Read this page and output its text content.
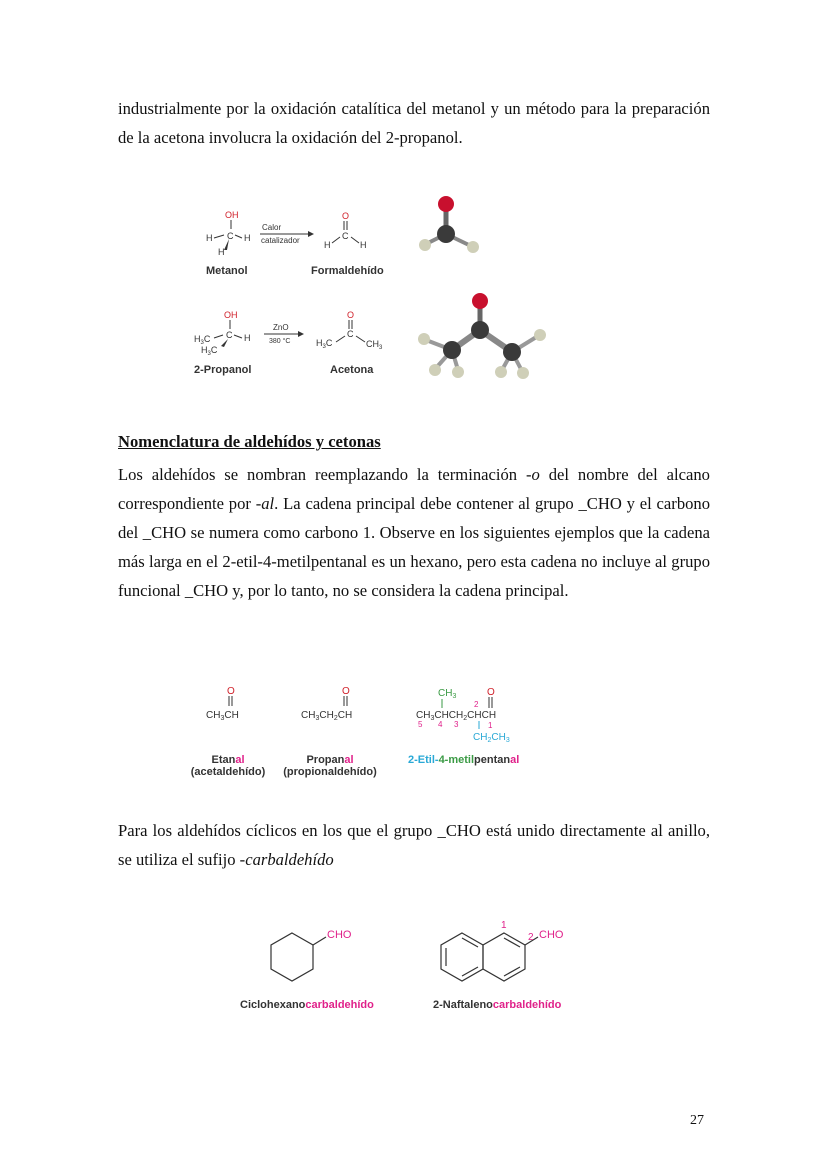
industrialmente por la oxidación catalítica del metanol y un método para la preparación de la acetona involucra la oxidación del 2-propanol.

OH
H C H
H
Calor
catalizador
O
C
H	H
Metanol	Formaldehído
OH
$H_3C$ C H
$H_3C$
ZnO
380 °C
O
C
$H_3C$	$CH_3$
2-Propanol	Acetona

Nomenclatura de aldehídos y cetonas

Los aldehídos se nombran reemplazando la terminación -o del nombre del alcano correspondiente por -al. La cadena principal debe contener al grupo _CHO y el carbono del _CHO se numera como carbono 1. Observe en los siguientes ejemplos que la cadena más larga en el 2-etil-4-metilpentanal es un hexano, pero esta cadena no incluye al grupo funcional _CHO y, por lo tanto, no se considera la cadena principal.

O
$CH_3CH$
O
$CH_3CH_2CH$
$CH_3$	O
2
$CH_3CHCH_2CHCH$
5 4 3	1
$CH_2CH_3$
Etanal
(acetaldehído)
Propanal
(propionaldehído)
2-Etil-4-metilpentanal

Para los aldehídos cíclicos en los que el grupo _CHO está unido directamente al anillo, se utiliza el sufijo -carbaldehído

CHO
1
2 CHO
Ciclohexanocarbaldehído	2-Naftalenocarbaldehído
27
